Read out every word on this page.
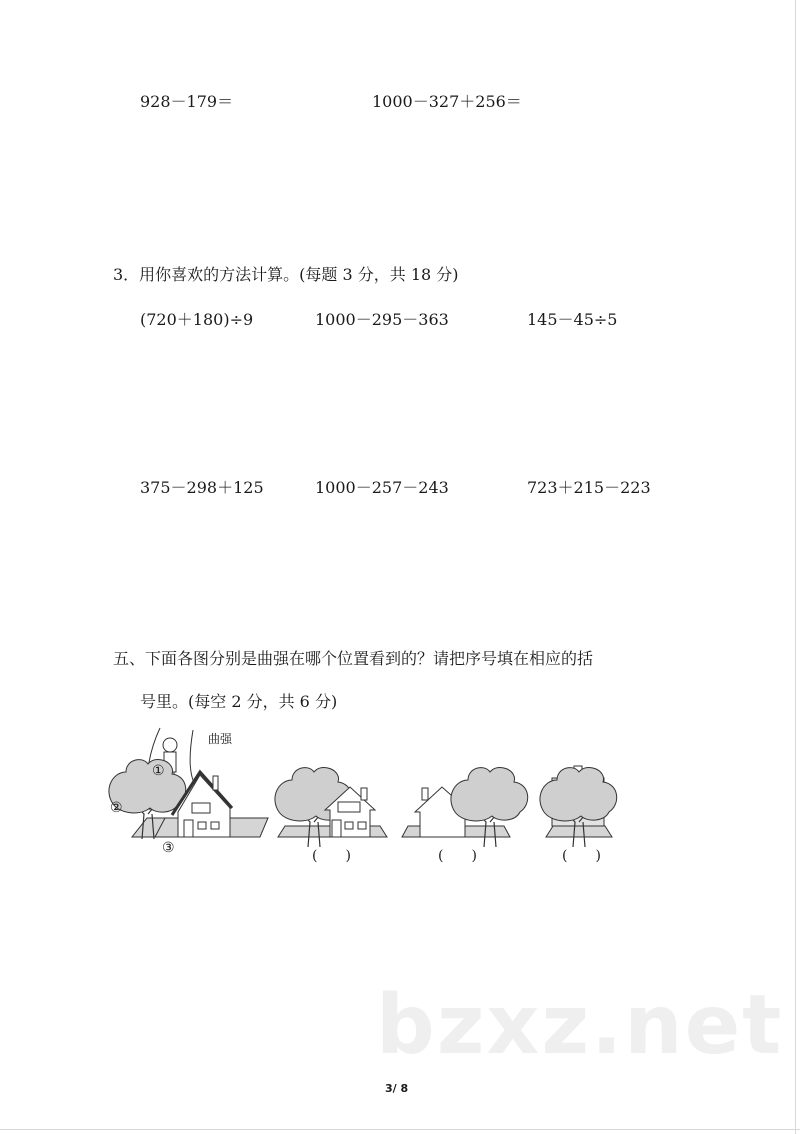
928－179＝	1000－327＋256＝
3．用你喜欢的方法计算。(每题 3 分，共 18 分)
(720＋180)÷9	1000－295－363	145－45÷5
375－298＋125	1000－257－243	723＋215－223
五、下面各图分别是曲强在哪个位置看到的？请把序号填在相应的括
号里。(每空 2 分，共 6 分)
曲强
①
②
③	(　　)	(　　)	(　　)
bzxz.net
3/ 8
